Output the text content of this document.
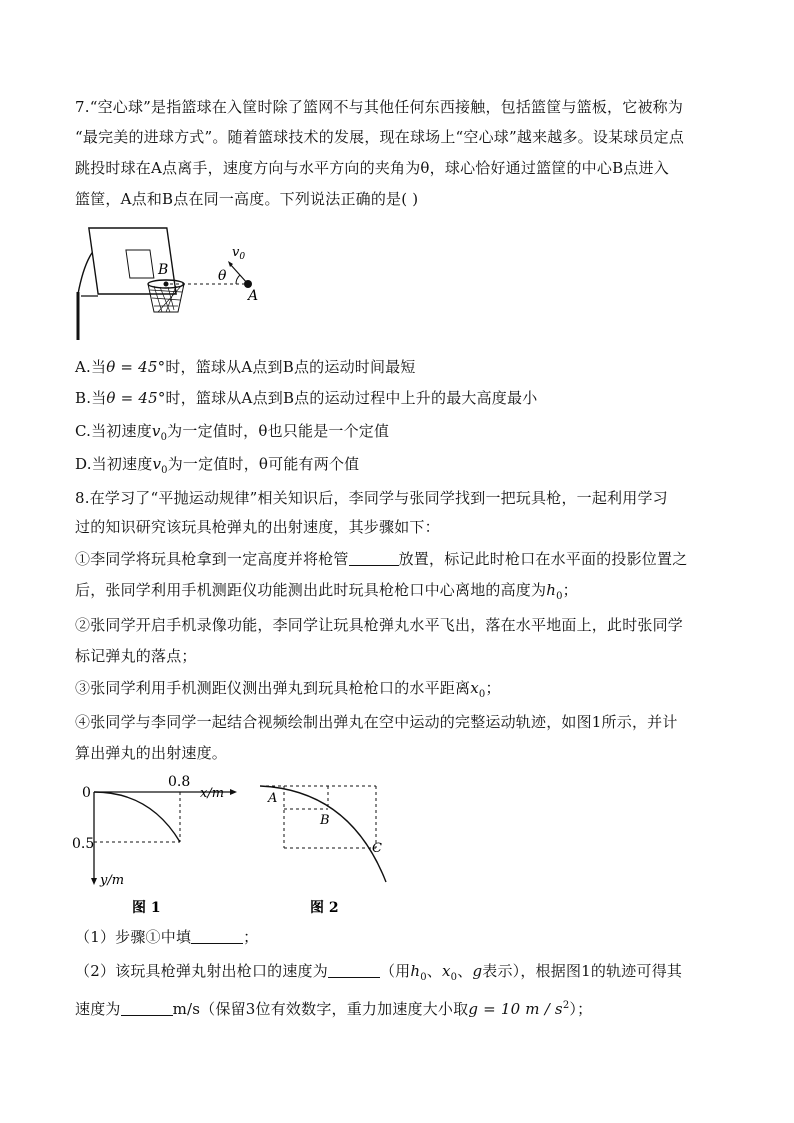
7.“空心球”是指篮球在入筐时除了篮网不与其他任何东西接触，包括篮筐与篮板，它被称为
“最完美的进球方式”。随着篮球技术的发展，现在球场上“空心球”越来越多。设某球员定点
跳投时球在A点离手，速度方向与水平方向的夹角为θ，球心恰好通过篮筐的中心B点进入
篮筐，A点和B点在同一高度。下列说法正确的是( )
$v_0$
θ
A
B
A.当θ = 45°时，篮球从A点到B点的运动时间最短
B.当θ = 45°时，篮球从A点到B点的运动过程中上升的最大高度最小
C.当初速度$v_0$为一定值时，θ也只能是一个定值
D.当初速度$v_0$为一定值时，θ可能有两个值
8.在学习了“平抛运动规律”相关知识后，李同学与张同学找到一把玩具枪，一起利用学习
过的知识研究该玩具枪弹丸的出射速度，其步骤如下：
①李同学将玩具枪拿到一定高度并将枪管	放置，标记此时枪口在水平面的投影位置之
后，张同学利用手机测距仪功能测出此时玩具枪枪口中心离地的高度为$h_0$；
②张同学开启手机录像功能，李同学让玩具枪弹丸水平飞出，落在水平地面上，此时张同学
标记弹丸的落点；
③张同学利用手机测距仪测出弹丸到玩具枪枪口的水平距离$x_0$；
④张同学与李同学一起结合视频绘制出弹丸在空中运动的完整运动轨迹，如图1所示，并计
算出弹丸的出射速度。
0
0.8
x/m
0.5
y/m
图 1
A
B
C
图 2
（1）步骤①中填	；
（2）该玩具枪弹丸射出枪口的速度为	（用$h_0$、$x_0$、g表示），根据图1的轨迹可得其
速度为	m/s（保留3位有效数字，重力加速度大小取g = 10 m / $s^2$）；
